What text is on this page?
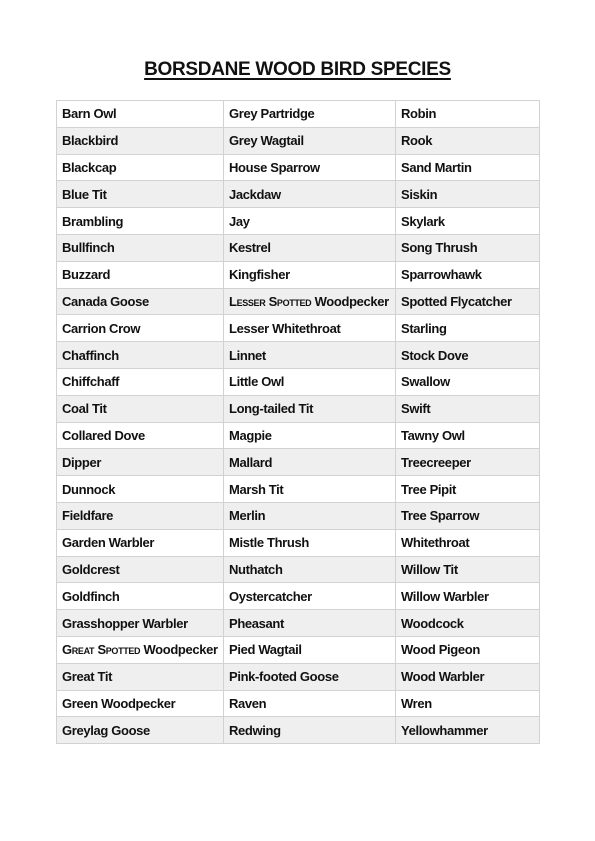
BORSDANE WOOD BIRD SPECIES
Barn Owl	Grey Partridge	Robin
Blackbird	Grey Wagtail	Rook
Blackcap	House Sparrow	Sand Martin
Blue Tit	Jackdaw	Siskin
Brambling	Jay	Skylark
Bullfinch	Kestrel	Song Thrush
Buzzard	Kingfisher	Sparrowhawk
Canada Goose	Lesser Spotted Woodpecker	Spotted Flycatcher
Carrion Crow	Lesser Whitethroat	Starling
Chaffinch	Linnet	Stock Dove
Chiffchaff	Little Owl	Swallow
Coal Tit	Long-tailed Tit	Swift
Collared Dove	Magpie	Tawny Owl
Dipper	Mallard	Treecreeper
Dunnock	Marsh Tit	Tree Pipit
Fieldfare	Merlin	Tree Sparrow
Garden Warbler	Mistle Thrush	Whitethroat
Goldcrest	Nuthatch	Willow Tit
Goldfinch	Oystercatcher	Willow Warbler
Grasshopper Warbler	Pheasant	Woodcock
Great Spotted Woodpecker	Pied Wagtail	Wood Pigeon
Great Tit	Pink-footed Goose	Wood Warbler
Green Woodpecker	Raven	Wren
Greylag Goose	Redwing	Yellowhammer
